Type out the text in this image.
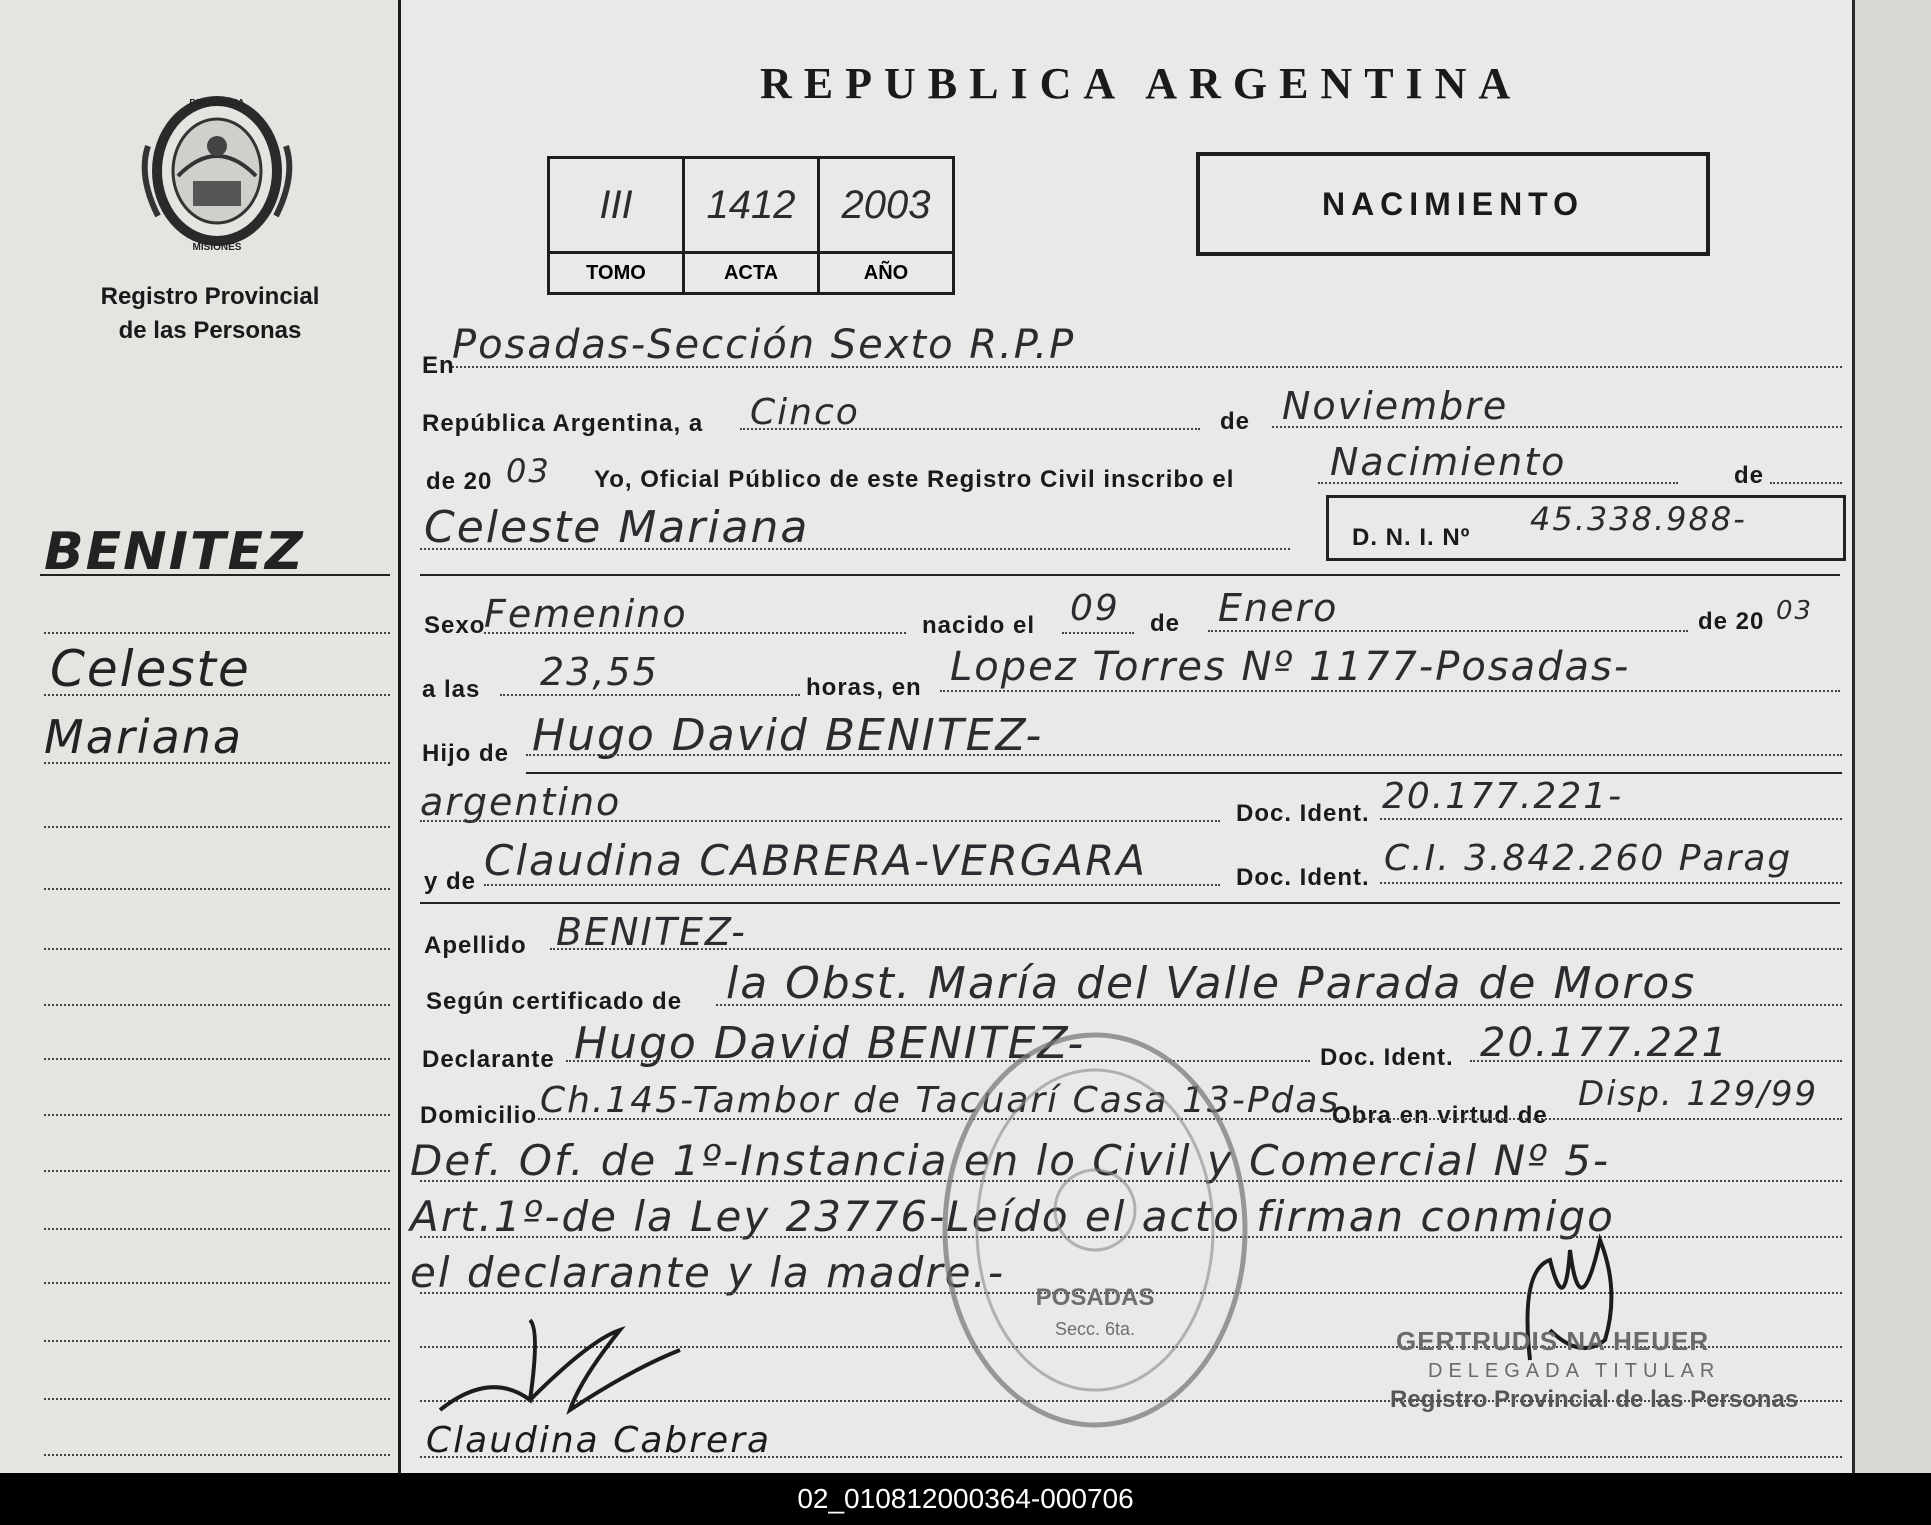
PROVINCIA
MISIONES
Registro Provincial
de las Personas
BENITEZ
Celeste
Mariana
REPUBLICA ARGENTINA
III	1412	2003
TOMO	ACTA	AÑO
NACIMIENTO
En
Posadas-Sección Sexto R.P.P
República Argentina, a Cinco	de Noviembre
de 20 03 Yo, Oficial Público de este Registro Civil inscribo el	Nacimiento	de
Celeste Mariana	D. N. I. Nº 45.338.988-
Sexo
Femenino	nacido el 09 de Enero	de 20 03
a las 23,55	horas, en Lopez Torres Nº 1177-Posadas-
Hijo de Hugo David BENITEZ-
argentino	Doc. Ident. 20.177.221-
y de Claudina CABRERA-VERGARA	Doc. Ident. C.I. 3.842.260 Parag
Apellido BENITEZ-
Según certificado de la Obst. María del Valle Parada de Moros
Declarante Hugo David BENITEZ-	Doc. Ident. 20.177.221
Domicilio Ch.145-Tambor de Tacuarí Casa 13-Pdas
Obra en virtud de
Disp. 129/99
Def. Of. de 1º-Instancia en lo Civil y Comercial Nº 5-
Art.1º-de la Ley 23776-Leído el acto firman conmigo
el declarante y la madre.-
POSADAS
Secc. 6ta.
Claudina Cabrera
GERTRUDIS NA HEUER
DELEGADA TITULAR
Registro Provincial de las Personas
02_010812000364-000706
